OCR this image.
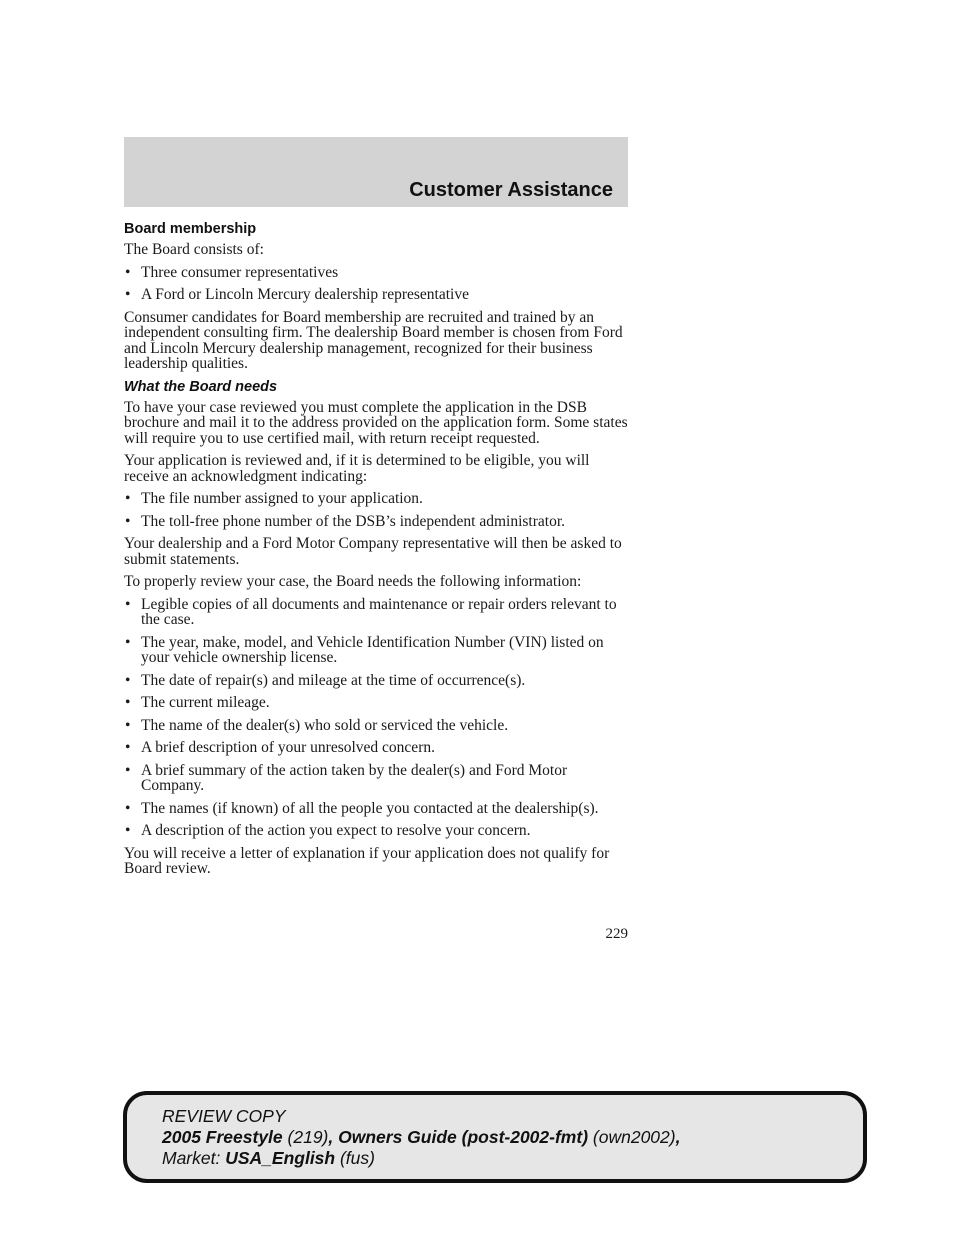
Customer Assistance
Board membership

The Board consists of:

• Three consumer representatives
• A Ford or Lincoln Mercury dealership representative

Consumer candidates for Board membership are recruited and trained by an independent consulting firm. The dealership Board member is chosen from Ford and Lincoln Mercury dealership management, recognized for their business leadership qualities.

What the Board needs

To have your case reviewed you must complete the application in the DSB brochure and mail it to the address provided on the application form. Some states will require you to use certified mail, with return receipt requested.

Your application is reviewed and, if it is determined to be eligible, you will receive an acknowledgment indicating:

• The file number assigned to your application.
• The toll-free phone number of the DSB’s independent administrator.

Your dealership and a Ford Motor Company representative will then be asked to submit statements.

To properly review your case, the Board needs the following information:

• Legible copies of all documents and maintenance or repair orders relevant to the case.
• The year, make, model, and Vehicle Identification Number (VIN) listed on your vehicle ownership license.
• The date of repair(s) and mileage at the time of occurrence(s).
• The current mileage.
• The name of the dealer(s) who sold or serviced the vehicle.
• A brief description of your unresolved concern.
• A brief summary of the action taken by the dealer(s) and Ford Motor Company.
• The names (if known) of all the people you contacted at the dealership(s).
• A description of the action you expect to resolve your concern.

You will receive a letter of explanation if your application does not qualify for Board review.

229
REVIEW COPY
2005 Freestyle (219), Owners Guide (post-2002-fmt) (own2002),
Market: USA_English (fus)
